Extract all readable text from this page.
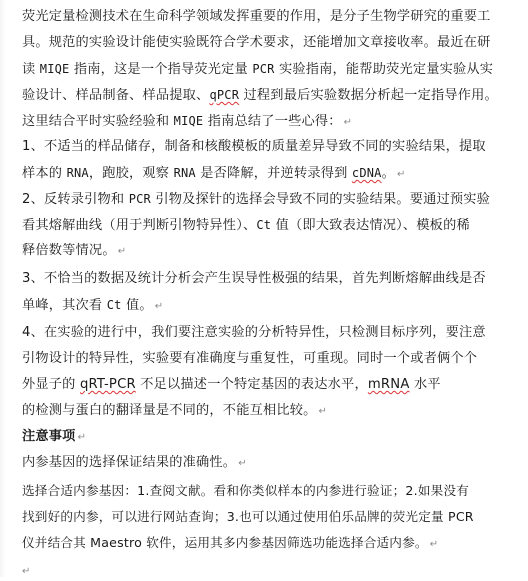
荧光定量检测技术在生命科学领域发挥重要的作用，是分子生物学研究的重要工
具。规范的实验设计能使实验既符合学术要求，还能增加文章接收率。最近在研
读 MIQE 指南，这是一个指导荧光定量 PCR 实验指南，能帮助荧光定量实验从实
验设计、样品制备、样品提取、qPCR 过程到最后实验数据分析起一定指导作用。
这里结合平时实验经验和 MIQE 指南总结了一些心得： ↵
1、不适当的样品储存，制备和核酸模板的质量差异导致不同的实验结果，提取
样本的 RNA，跑胶，观察 RNA 是否降解，并逆转录得到 cDNA。 ↵
2、反转录引物和 PCR 引物及探针的选择会导致不同的实验结果。要通过预实验
看其熔解曲线（用于判断引物特异性）、Ct 值（即大致表达情况）、模板的稀
释倍数等情况。 ↵
3、不恰当的数据及统计分析会产生误导性极强的结果，首先判断熔解曲线是否
单峰，其次看 Ct 值。 ↵
4、在实验的进行中，我们要注意实验的分析特异性，只检测目标序列，要注意
引物设计的特异性，实验要有准确度与重复性，可重现。同时一个或者俩个个
外显子的 qRT-PCR 不足以描述一个特定基因的表达水平，mRNA 水平
的检测与蛋白的翻译量是不同的，不能互相比较。 ↵
注意事项 ↵
内参基因的选择保证结果的准确性。 ↵
选择合适内参基因：1.查阅文献。看和你类似样本的内参进行验证；2.如果没有
找到好的内参，可以进行网站查询；3.也可以通过使用伯乐品牌的荧光定量 PCR
仪并结合其 Maestro 软件，运用其多内参基因筛选功能选择合适内参。 ↵
↵
